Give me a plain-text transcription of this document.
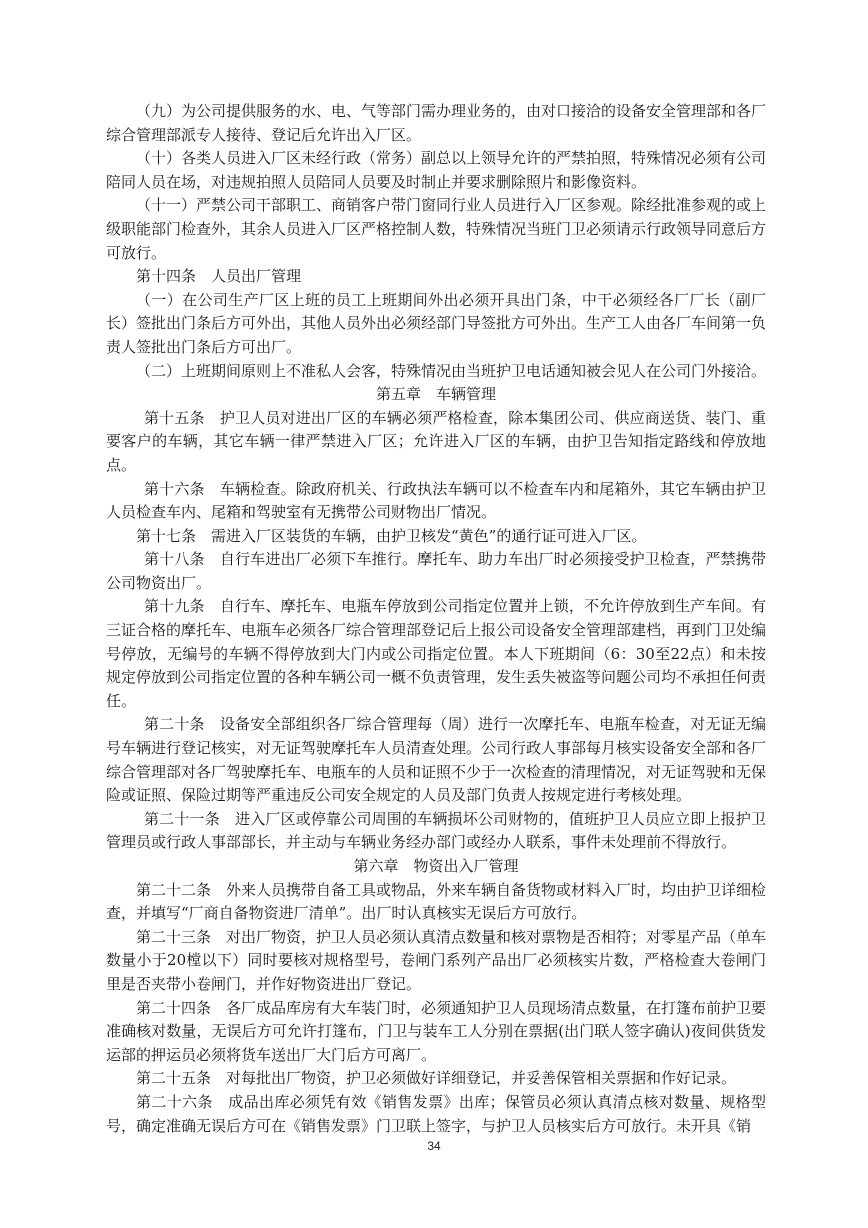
（九）为公司提供服务的水、电、气等部门需办理业务的，由对口接洽的设备安全管理部和各厂综合管理部派专人接待、登记后允许出入厂区。

（十）各类人员进入厂区未经行政（常务）副总以上领导允许的严禁拍照，特殊情况必须有公司陪同人员在场，对违规拍照人员陪同人员要及时制止并要求删除照片和影像资料。

（十一）严禁公司干部职工、商销客户带门窗同行业人员进行入厂区参观。除经批准参观的或上级职能部门检查外，其余人员进入厂区严格控制人数，特殊情况当班门卫必须请示行政领导同意后方可放行。

第十四条　人员出厂管理

（一）在公司生产厂区上班的员工上班期间外出必须开具出门条，中干必须经各厂厂长（副厂长）签批出门条后方可外出，其他人员外出必须经部门导签批方可外出。生产工人由各厂车间第一负责人签批出门条后方可出厂。

（二）上班期间原则上不准私人会客，特殊情况由当班护卫电话通知被会见人在公司门外接洽。

第五章　车辆管理

第十五条　护卫人员对进出厂区的车辆必须严格检查，除本集团公司、供应商送货、装门、重要客户的车辆，其它车辆一律严禁进入厂区；允许进入厂区的车辆，由护卫告知指定路线和停放地点。

第十六条　车辆检查。除政府机关、行政执法车辆可以不检查车内和尾箱外，其它车辆由护卫人员检查车内、尾箱和驾驶室有无携带公司财物出厂情况。

第十七条　需进入厂区装货的车辆，由护卫核发“黄色”的通行证可进入厂区。

第十八条　自行车进出厂必须下车推行。摩托车、助力车出厂时必须接受护卫检查，严禁携带公司物资出厂。

第十九条　自行车、摩托车、电瓶车停放到公司指定位置并上锁，不允许停放到生产车间。有三证合格的摩托车、电瓶车必须各厂综合管理部登记后上报公司设备安全管理部建档，再到门卫处编号停放，无编号的车辆不得停放到大门内或公司指定位置。本人下班期间（6：30至22点）和未按规定停放到公司指定位置的各种车辆公司一概不负责管理，发生丢失被盗等问题公司均不承担任何责任。

第二十条　设备安全部组织各厂综合管理每（周）进行一次摩托车、电瓶车检查，对无证无编号车辆进行登记核实，对无证驾驶摩托车人员清查处理。公司行政人事部每月核实设备安全部和各厂综合管理部对各厂驾驶摩托车、电瓶车的人员和证照不少于一次检查的清理情况，对无证驾驶和无保险或证照、保险过期等严重违反公司安全规定的人员及部门负责人按规定进行考核处理。

第二十一条　进入厂区或停靠公司周围的车辆损坏公司财物的，值班护卫人员应立即上报护卫管理员或行政人事部部长，并主动与车辆业务经办部门或经办人联系，事件未处理前不得放行。

第六章　物资出入厂管理

第二十二条　外来人员携带自备工具或物品，外来车辆自备货物或材料入厂时，均由护卫详细检查，并填写“厂商自备物资进厂清单”。出厂时认真核实无误后方可放行。

第二十三条　对出厂物资，护卫人员必须认真清点数量和核对票物是否相符；对零星产品（单车数量小于20樘以下）同时要核对规格型号，卷闸门系列产品出厂必须核实片数，严格检查大卷闸门里是否夹带小卷闸门，并作好物资进出厂登记。

第二十四条　各厂成品库房有大车装门时，必须通知护卫人员现场清点数量，在打篷布前护卫要准确核对数量，无误后方可允许打篷布，门卫与装车工人分别在票据(出门联人签字确认)夜间供货发运部的押运员必须将货车送出厂大门后方可离厂。

第二十五条　对每批出厂物资，护卫必须做好详细登记，并妥善保管相关票据和作好记录。

第二十六条　成品出库必须凭有效《销售发票》出库；保管员必须认真清点核对数量、规格型号，确定准确无误后方可在《销售发票》门卫联上签字，与护卫人员核实后方可放行。未开具《销

34
